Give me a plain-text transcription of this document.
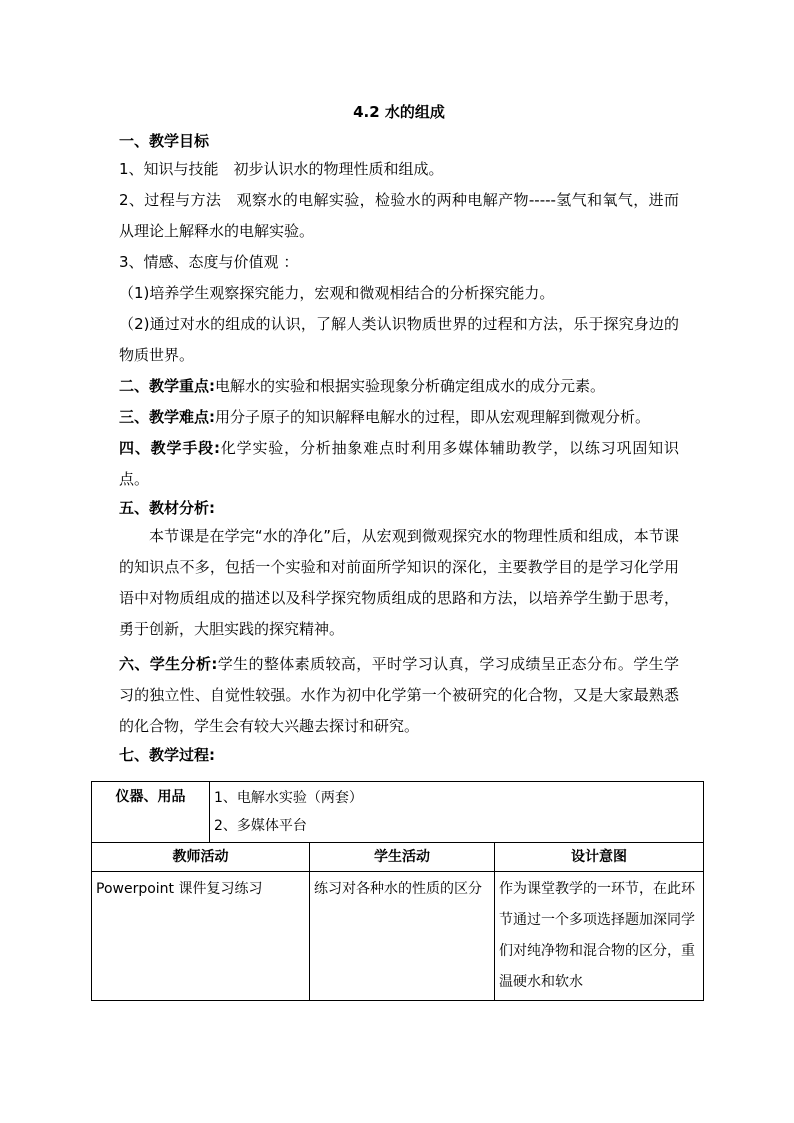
4.2 水的组成
一、教学目标
1、知识与技能　初步认识水的物理性质和组成。
2、过程与方法　观察水的电解实验，检验水的两种电解产物-----氢气和氧气，进而从理论上解释水的电解实验。
3、情感、态度与价值观 ：
（1)培养学生观察探究能力，宏观和微观相结合的分析探究能力。
（2)通过对水的组成的认识，了解人类认识物质世界的过程和方法，乐于探究身边的物质世界。
二、教学重点:电解水的实验和根据实验现象分析确定组成水的成分元素。
三、教学难点:用分子原子的知识解释电解水的过程，即从宏观理解到微观分析。
四、教学手段:化学实验，分析抽象难点时利用多媒体辅助教学，以练习巩固知识点。
五、教材分析:
本节课是在学完“水的净化”后，从宏观到微观探究水的物理性质和组成，本节课的知识点不多，包括一个实验和对前面所学知识的深化，主要教学目的是学习化学用语中对物质组成的描述以及科学探究物质组成的思路和方法，以培养学生勤于思考，勇于创新，大胆实践的探究精神。
六、学生分析:学生的整体素质较高，平时学习认真，学习成绩呈正态分布。学生学习的独立性、自觉性较强。水作为初中化学第一个被研究的化合物，又是大家最熟悉的化合物，学生会有较大兴趣去探讨和研究。
七、教学过程:
仪器、用品	1、电解水实验（两套）
2、多媒体平台		

教师活动		学生活动	设计意图
Powerpoint 课件复习练习		练习对各种水的性质的区分	作为课堂教学的一环节，在此环节通过一个多项选择题加深同学们对纯净物和混合物的区分，重温硬水和软水
